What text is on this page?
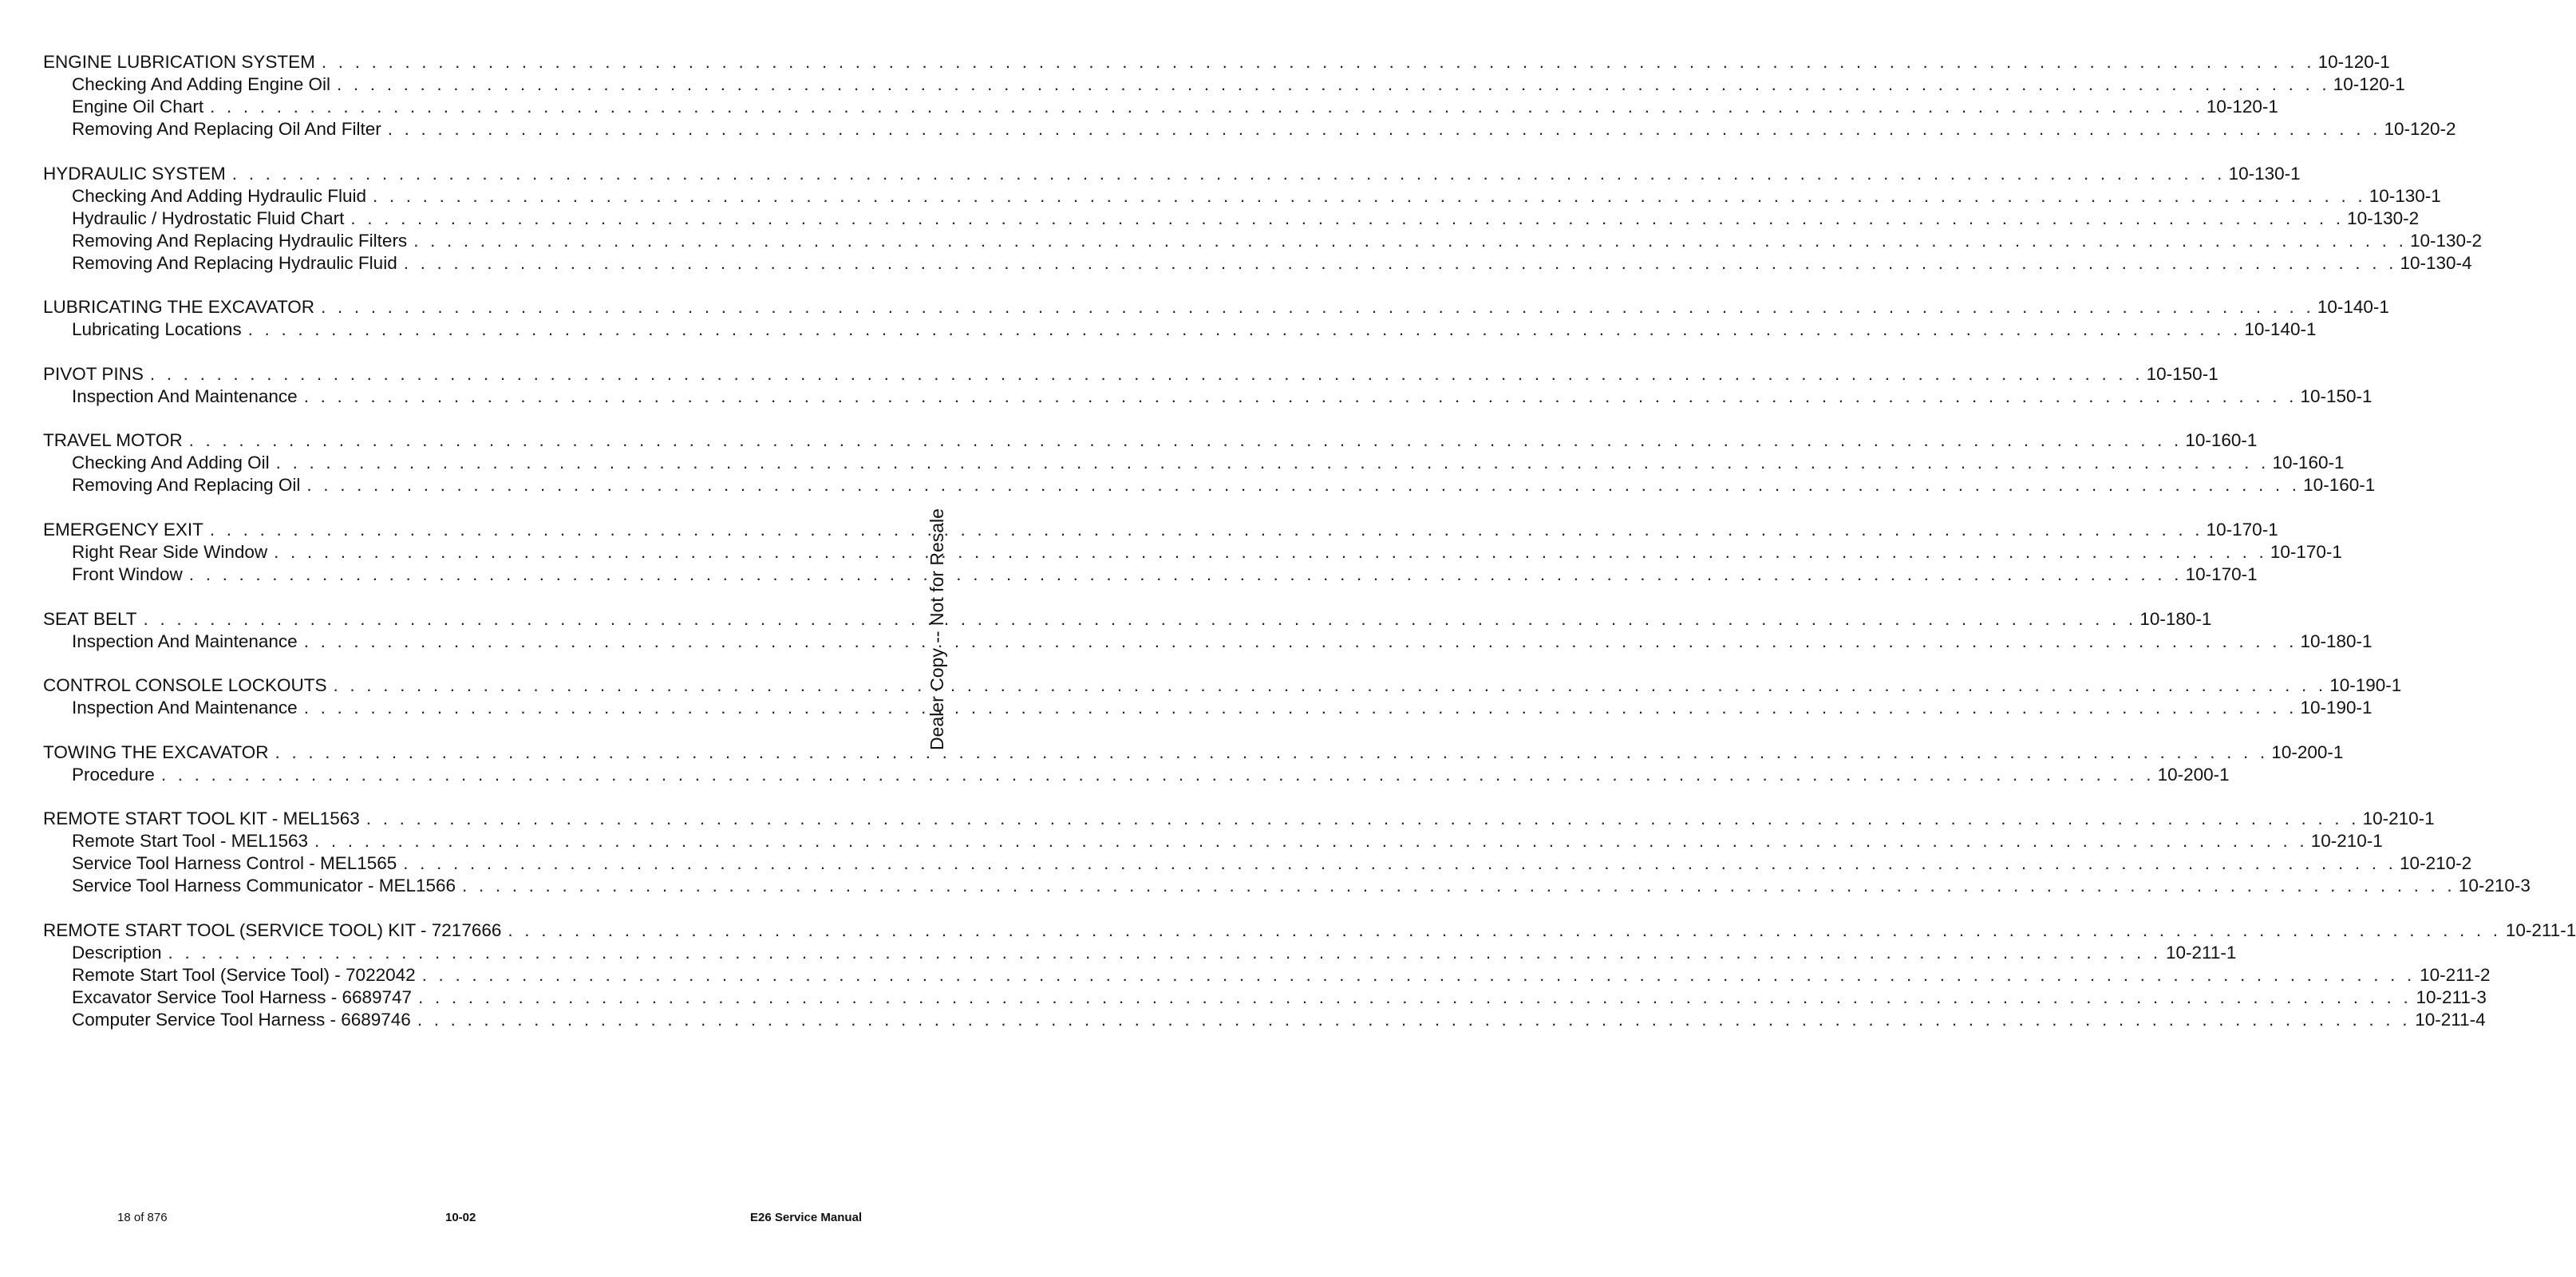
ENGINE LUBRICATION SYSTEM . . . . . . . . . . . . . . . . . . . . . . . . . . . . . . . . . . . . . . . . . . . . . . . . . . . . . . . . . . . . . . . . . . . . . . . . . . . . . . . . . . . . . . . . . . . . . . . . . . . . . . . . . . . . . . . . . . . . . . . . 10-120-1
Checking And Adding Engine Oil . . . . . . . . . . . . . . . . . . . . . . . . . . . . . . . . . . . . . . . . . . . . . . . . . . . . . . . . . . . . . . . . . . . . . . . . . . . . . . . . . . . . . . . . . . . . . . . . . . . . . . . . . . . . . . . . . . . . . . . . 10-120-1
Engine Oil Chart . . . . . . . . . . . . . . . . . . . . . . . . . . . . . . . . . . . . . . . . . . . . . . . . . . . . . . . . . . . . . . . . . . . . . . . . . . . . . . . . . . . . . . . . . . . . . . . . . . . . . . . . . . . . . . . . . . . . . . . . 10-120-1
Removing And Replacing Oil And Filter . . . . . . . . . . . . . . . . . . . . . . . . . . . . . . . . . . . . . . . . . . . . . . . . . . . . . . . . . . . . . . . . . . . . . . . . . . . . . . . . . . . . . . . . . . . . . . . . . . . . . . . . . . . . . . . . . . . . . . . . 10-120-2
HYDRAULIC SYSTEM . . . . . . . . . . . . . . . . . . . . . . . . . . . . . . . . . . . . . . . . . . . . . . . . . . . . . . . . . . . . . . . . . . . . . . . . . . . . . . . . . . . . . . . . . . . . . . . . . . . . . . . . . . . . . . . . . . . . . . . . 10-130-1
Checking And Adding Hydraulic Fluid . . . . . . . . . . . . . . . . . . . . . . . . . . . . . . . . . . . . . . . . . . . . . . . . . . . . . . . . . . . . . . . . . . . . . . . . . . . . . . . . . . . . . . . . . . . . . . . . . . . . . . . . . . . . . . . . . . . . . . . . 10-130-1
Hydraulic / Hydrostatic Fluid Chart . . . . . . . . . . . . . . . . . . . . . . . . . . . . . . . . . . . . . . . . . . . . . . . . . . . . . . . . . . . . . . . . . . . . . . . . . . . . . . . . . . . . . . . . . . . . . . . . . . . . . . . . . . . . . . . . . . . . . . . . 10-130-2
Removing And Replacing Hydraulic Filters . . . . . . . . . . . . . . . . . . . . . . . . . . . . . . . . . . . . . . . . . . . . . . . . . . . . . . . . . . . . . . . . . . . . . . . . . . . . . . . . . . . . . . . . . . . . . . . . . . . . . . . . . . . . . . . . . . . . . . . . 10-130-2
Removing And Replacing Hydraulic Fluid . . . . . . . . . . . . . . . . . . . . . . . . . . . . . . . . . . . . . . . . . . . . . . . . . . . . . . . . . . . . . . . . . . . . . . . . . . . . . . . . . . . . . . . . . . . . . . . . . . . . . . . . . . . . . . . . . . . . . . . . 10-130-4
LUBRICATING THE EXCAVATOR . . . . . . . . . . . . . . . . . . . . . . . . . . . . . . . . . . . . . . . . . . . . . . . . . . . . . . . . . . . . . . . . . . . . . . . . . . . . . . . . . . . . . . . . . . . . . . . . . . . . . . . . . . . . . . . . . . . . . . . . 10-140-1
Lubricating Locations . . . . . . . . . . . . . . . . . . . . . . . . . . . . . . . . . . . . . . . . . . . . . . . . . . . . . . . . . . . . . . . . . . . . . . . . . . . . . . . . . . . . . . . . . . . . . . . . . . . . . . . . . . . . . . . . . . . . . . . . 10-140-1
PIVOT PINS . . . . . . . . . . . . . . . . . . . . . . . . . . . . . . . . . . . . . . . . . . . . . . . . . . . . . . . . . . . . . . . . . . . . . . . . . . . . . . . . . . . . . . . . . . . . . . . . . . . . . . . . . . . . . . . . . . . . . . . . 10-150-1
Inspection And Maintenance . . . . . . . . . . . . . . . . . . . . . . . . . . . . . . . . . . . . . . . . . . . . . . . . . . . . . . . . . . . . . . . . . . . . . . . . . . . . . . . . . . . . . . . . . . . . . . . . . . . . . . . . . . . . . . . . . . . . . . . . 10-150-1
TRAVEL MOTOR . . . . . . . . . . . . . . . . . . . . . . . . . . . . . . . . . . . . . . . . . . . . . . . . . . . . . . . . . . . . . . . . . . . . . . . . . . . . . . . . . . . . . . . . . . . . . . . . . . . . . . . . . . . . . . . . . . . . . . . . 10-160-1
Checking And Adding Oil . . . . . . . . . . . . . . . . . . . . . . . . . . . . . . . . . . . . . . . . . . . . . . . . . . . . . . . . . . . . . . . . . . . . . . . . . . . . . . . . . . . . . . . . . . . . . . . . . . . . . . . . . . . . . . . . . . . . . . . . 10-160-1
Removing And Replacing Oil . . . . . . . . . . . . . . . . . . . . . . . . . . . . . . . . . . . . . . . . . . . . . . . . . . . . . . . . . . . . . . . . . . . . . . . . . . . . . . . . . . . . . . . . . . . . . . . . . . . . . . . . . . . . . . . . . . . . . . . . 10-160-1
EMERGENCY EXIT . . . . . . . . . . . . . . . . . . . . . . . . . . . . . . . . . . . . . . . . . . . . . . . . . . . . . . . . . . . . . . . . . . . . . . . . . . . . . . . . . . . . . . . . . . . . . . . . . . . . . . . . . . . . . . . . . . . . . . . . 10-170-1
Right Rear Side Window . . . . . . . . . . . . . . . . . . . . . . . . . . . . . . . . . . . . . . . . . . . . . . . . . . . . . . . . . . . . . . . . . . . . . . . . . . . . . . . . . . . . . . . . . . . . . . . . . . . . . . . . . . . . . . . . . . . . . . . . 10-170-1
Front Window . . . . . . . . . . . . . . . . . . . . . . . . . . . . . . . . . . . . . . . . . . . . . . . . . . . . . . . . . . . . . . . . . . . . . . . . . . . . . . . . . . . . . . . . . . . . . . . . . . . . . . . . . . . . . . . . . . . . . . . . 10-170-1
SEAT BELT . . . . . . . . . . . . . . . . . . . . . . . . . . . . . . . . . . . . . . . . . . . . . . . . . . . . . . . . . . . . . . . . . . . . . . . . . . . . . . . . . . . . . . . . . . . . . . . . . . . . . . . . . . . . . . . . . . . . . . . . 10-180-1
Inspection And Maintenance . . . . . . . . . . . . . . . . . . . . . . . . . . . . . . . . . . . . . . . . . . . . . . . . . . . . . . . . . . . . . . . . . . . . . . . . . . . . . . . . . . . . . . . . . . . . . . . . . . . . . . . . . . . . . . . . . . . . . . . . 10-180-1
CONTROL CONSOLE LOCKOUTS . . . . . . . . . . . . . . . . . . . . . . . . . . . . . . . . . . . . . . . . . . . . . . . . . . . . . . . . . . . . . . . . . . . . . . . . . . . . . . . . . . . . . . . . . . . . . . . . . . . . . . . . . . . . . . . . . . . . . . . . 10-190-1
Inspection And Maintenance . . . . . . . . . . . . . . . . . . . . . . . . . . . . . . . . . . . . . . . . . . . . . . . . . . . . . . . . . . . . . . . . . . . . . . . . . . . . . . . . . . . . . . . . . . . . . . . . . . . . . . . . . . . . . . . . . . . . . . . . 10-190-1
TOWING THE EXCAVATOR . . . . . . . . . . . . . . . . . . . . . . . . . . . . . . . . . . . . . . . . . . . . . . . . . . . . . . . . . . . . . . . . . . . . . . . . . . . . . . . . . . . . . . . . . . . . . . . . . . . . . . . . . . . . . . . . . . . . . . . . 10-200-1
Procedure . . . . . . . . . . . . . . . . . . . . . . . . . . . . . . . . . . . . . . . . . . . . . . . . . . . . . . . . . . . . . . . . . . . . . . . . . . . . . . . . . . . . . . . . . . . . . . . . . . . . . . . . . . . . . . . . . . . . . . . . 10-200-1
REMOTE START TOOL KIT - MEL1563 . . . . . . . . . . . . . . . . . . . . . . . . . . . . . . . . . . . . . . . . . . . . . . . . . . . . . . . . . . . . . . . . . . . . . . . . . . . . . . . . . . . . . . . . . . . . . . . . . . . . . . . . . . . . . . . . . . . . . . . . 10-210-1
Remote Start Tool - MEL1563 . . . . . . . . . . . . . . . . . . . . . . . . . . . . . . . . . . . . . . . . . . . . . . . . . . . . . . . . . . . . . . . . . . . . . . . . . . . . . . . . . . . . . . . . . . . . . . . . . . . . . . . . . . . . . . . . . . . . . . . . 10-210-1
Service Tool Harness Control - MEL1565 . . . . . . . . . . . . . . . . . . . . . . . . . . . . . . . . . . . . . . . . . . . . . . . . . . . . . . . . . . . . . . . . . . . . . . . . . . . . . . . . . . . . . . . . . . . . . . . . . . . . . . . . . . . . . . . . . . . . . . . . 10-210-2
Service Tool Harness Communicator - MEL1566 . . . . . . . . . . . . . . . . . . . . . . . . . . . . . . . . . . . . . . . . . . . . . . . . . . . . . . . . . . . . . . . . . . . . . . . . . . . . . . . . . . . . . . . . . . . . . . . . . . . . . . . . . . . . . . . . . . . . . . . . 10-210-3
REMOTE START TOOL (SERVICE TOOL) KIT - 7217666 . . . . . . . . . . . . . . . . . . . . . . . . . . . . . . . . . . . . . . . . . . . . . . . . . . . . . . . . . . . . . . . . . . . . . . . . . . . . . . . . . . . . . . . . . . . . . . . . . . . . . . . . . . . . . . . . . . . . . . . . 10-211-1
Description . . . . . . . . . . . . . . . . . . . . . . . . . . . . . . . . . . . . . . . . . . . . . . . . . . . . . . . . . . . . . . . . . . . . . . . . . . . . . . . . . . . . . . . . . . . . . . . . . . . . . . . . . . . . . . . . . . . . . . . . 10-211-1
Remote Start Tool (Service Tool) - 7022042 . . . . . . . . . . . . . . . . . . . . . . . . . . . . . . . . . . . . . . . . . . . . . . . . . . . . . . . . . . . . . . . . . . . . . . . . . . . . . . . . . . . . . . . . . . . . . . . . . . . . . . . . . . . . . . . . . . . . . . . . 10-211-2
Excavator Service Tool Harness - 6689747 . . . . . . . . . . . . . . . . . . . . . . . . . . . . . . . . . . . . . . . . . . . . . . . . . . . . . . . . . . . . . . . . . . . . . . . . . . . . . . . . . . . . . . . . . . . . . . . . . . . . . . . . . . . . . . . . . . . . . . . . 10-211-3
Computer Service Tool Harness - 6689746 . . . . . . . . . . . . . . . . . . . . . . . . . . . . . . . . . . . . . . . . . . . . . . . . . . . . . . . . . . . . . . . . . . . . . . . . . . . . . . . . . . . . . . . . . . . . . . . . . . . . . . . . . . . . . . . . . . . . . . . . 10-211-4
Dealer Copy -- Not for Resale
18 of 876	10-02	E26 Service Manual
